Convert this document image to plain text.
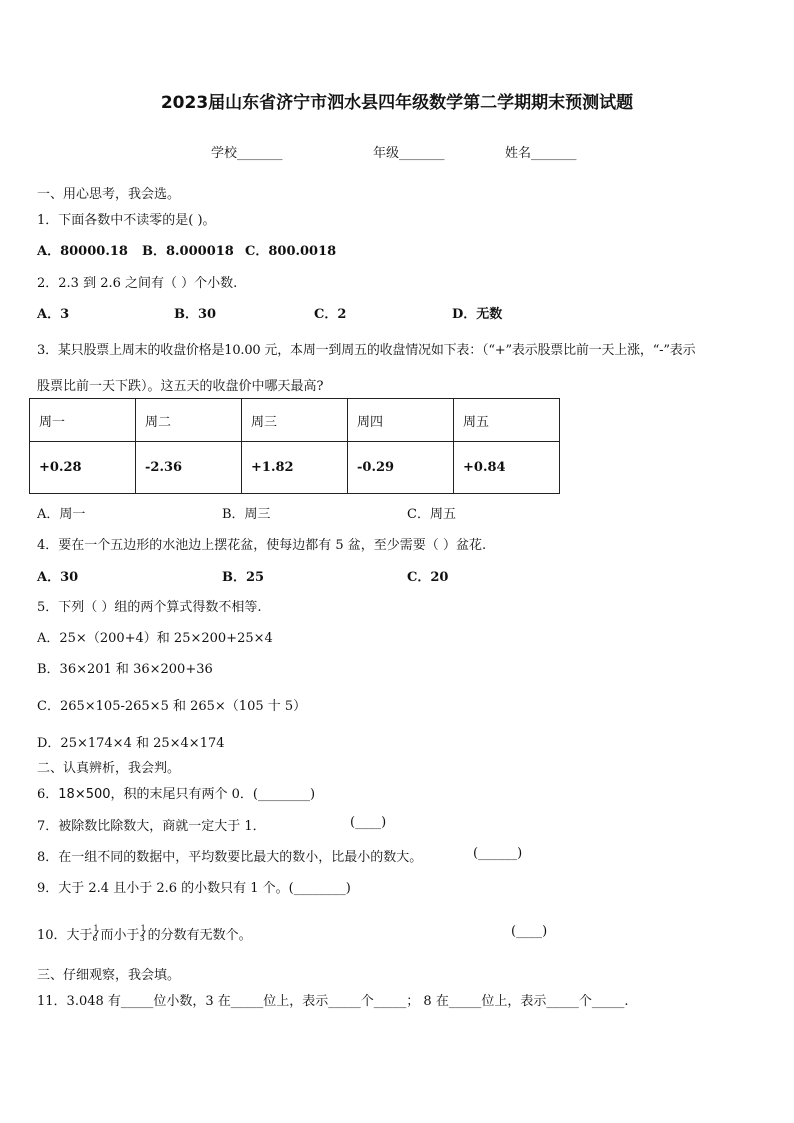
2023届山东省济宁市泗水县四年级数学第二学期期末预测试题
学校_______	年级_______	姓名_______
一、用心思考，我会选。
1．下面各数中不读零的是( )。
A．80000.18 B．8.000018 C．800.0018
2．2.3 到 2.6 之间有（ ）个小数.
A．3	B．30	C．2	D．无数
3．某只股票上周末的收盘价格是10.00 元，本周一到周五的收盘情况如下表：（“+”表示股票比前一天上涨，“-”表示
股票比前一天下跌）。这五天的收盘价中哪天最高?
周一	周二	周三	周四	周五
+0.28	-2.36	+1.82	-0.29	+0.84
A．周一	B．周三	C．周五
4．要在一个五边形的水池边上摆花盆，使每边都有 5 盆，至少需要（ ）盆花.
A．30	B．25	C．20
5．下列（ ）组的两个算式得数不相等.
A．25×（200+4）和 25×200+25×4
B．36×201 和 36×200+36
C．265×105-265×5 和 265×（105 十 5）
D．25×174×4 和 25×4×174
二、认真辨析，我会判。
6．18×500，积的末尾只有两个 0．(________)
7．被除数比除数大，商就一定大于 1．	(____)
8．在一组不同的数据中，平均数要比最大的数小，比最小的数大。	(______)
9．大于 2.4 且小于 2.6 的小数只有 1 个。(________)
10．大于 1
6 而小于 1
3 的分数有无数个。	(____)
三、仔细观察，我会填。
11．3.048 有_____位小数，3 在_____位上，表示_____个_____； 8 在_____位上，表示_____个_____.
